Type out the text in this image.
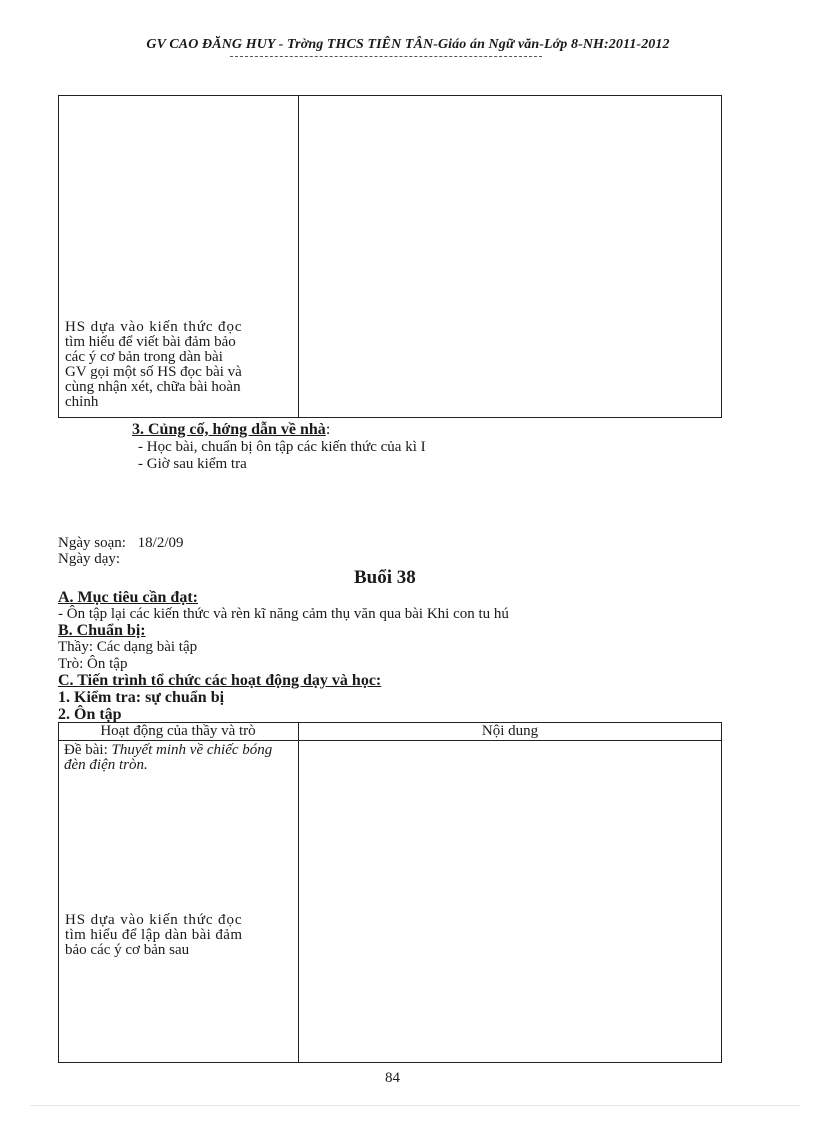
GV CAO ĐĂNG HUY - Trờng THCS TIÊN TÂN-Giáo án Ngữ văn-Lớp 8-NH:2011-2012
HS dựa vào kiến thức đọc
tìm hiểu để viết bài đảm bảo
các ý cơ bản trong dàn bài
GV gọi một số HS đọc bài và
cùng nhận xét, chữa bài hoàn
chỉnh
3. Củng cố, hớng dẫn về nhà:
- Học bài, chuẩn bị ôn tập các kiến thức của kì I
- Giờ sau kiểm tra
Ngày soạn: 18/2/09
Ngày dạy:
Buổi 38
A. Mục tiêu cần đạt:
- Ôn tập lại các kiến thức và rèn kĩ năng cảm thụ văn qua bài Khi con tu hú
B. Chuẩn bị:
Thầy: Các dạng bài tập
Trò: Ôn tập
C. Tiến trình tổ chức các hoạt động dạy và học:
1. Kiểm tra: sự chuẩn bị
2. Ôn tập
Hoạt động của thầy và trò	Nội dung
Đề bài: Thuyết minh về chiếc bóng đèn điện tròn.
HS dựa vào kiến thức đọc
tìm hiểu để lập dàn bài đảm
bảo các ý cơ bản sau
84
